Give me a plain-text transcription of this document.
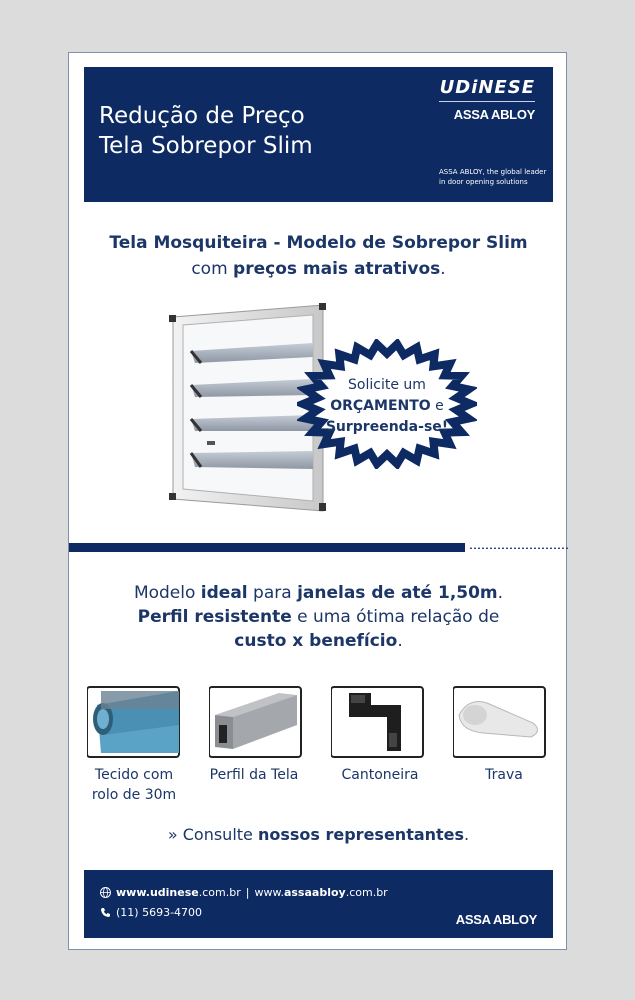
Redução de Preço
Tela Sobrepor Slim
UDiNESE
ASSA ABLOY
ASSA ABLOY, the global leader in door opening solutions
Tela Mosquiteira - Modelo de Sobrepor Slim
com preços mais atrativos.
Solicite um
ORÇAMENTO e
Surpreenda-se!
Modelo ideal para janelas de até 1,50m.
Perfil resistente e uma ótima relação de
custo x benefício.
Tecido com
rolo de 30m
Perfil da Tela	Cantoneira	Trava
» Consulte nossos representantes.
www.udinese.com.br | www.assaabloy.com.br
(11) 5693-4700	ASSA ABLOY
